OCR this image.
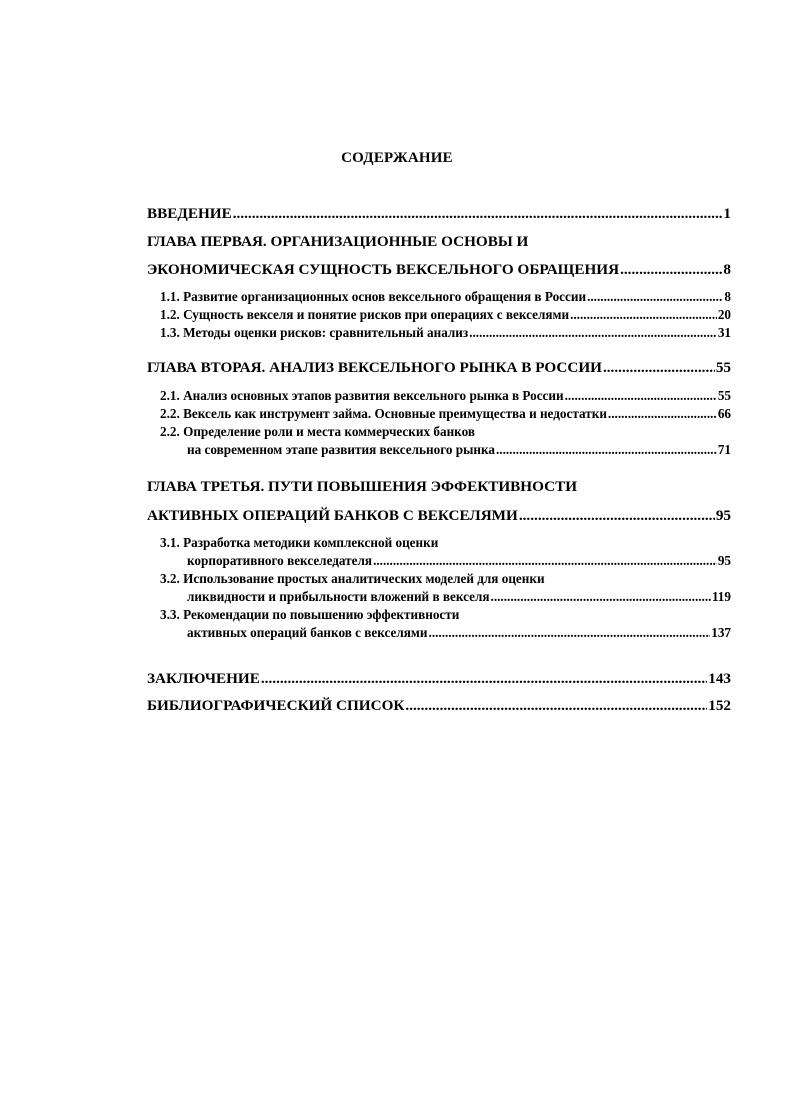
СОДЕРЖАНИЕ
ВВЕДЕНИЕ .....	1
ГЛАВА ПЕРВАЯ. ОРГАНИЗАЦИОННЫЕ ОСНОВЫ И
ЭКОНОМИЧЕСКАЯ СУЩНОСТЬ ВЕКСЕЛЬНОГО ОБРАЩЕНИЯ .....	8
1.1. Развитие организационных основ вексельного обращения в России .....	8
1.2. Сущность векселя и понятие рисков при операциях с векселями .....	20
1.3. Методы оценки рисков: сравнительный анализ .....	31
ГЛАВА ВТОРАЯ. АНАЛИЗ ВЕКСЕЛЬНОГО РЫНКА В РОССИИ .....	55
2.1. Анализ основных этапов развития вексельного рынка в России .....	55
2.2. Вексель как инструмент займа. Основные преимущества и недостатки .....	66
2.2. Определение роли и места коммерческих банков
на современном этапе развития вексельного рынка .....	71
ГЛАВА ТРЕТЬЯ. ПУТИ ПОВЫШЕНИЯ ЭФФЕКТИВНОСТИ
АКТИВНЫХ ОПЕРАЦИЙ БАНКОВ С ВЕКСЕЛЯМИ .....	95
3.1. Разработка методики комплексной оценки
корпоративного векселедателя .....	95
3.2. Использование простых аналитических моделей для оценки
ликвидности и прибыльности вложений в векселя .....	119
3.3. Рекомендации по повышению эффективности
активных операций банков с векселями .....	137
ЗАКЛЮЧЕНИЕ .....	143
БИБЛИОГРАФИЧЕСКИЙ СПИСОК .....	152
